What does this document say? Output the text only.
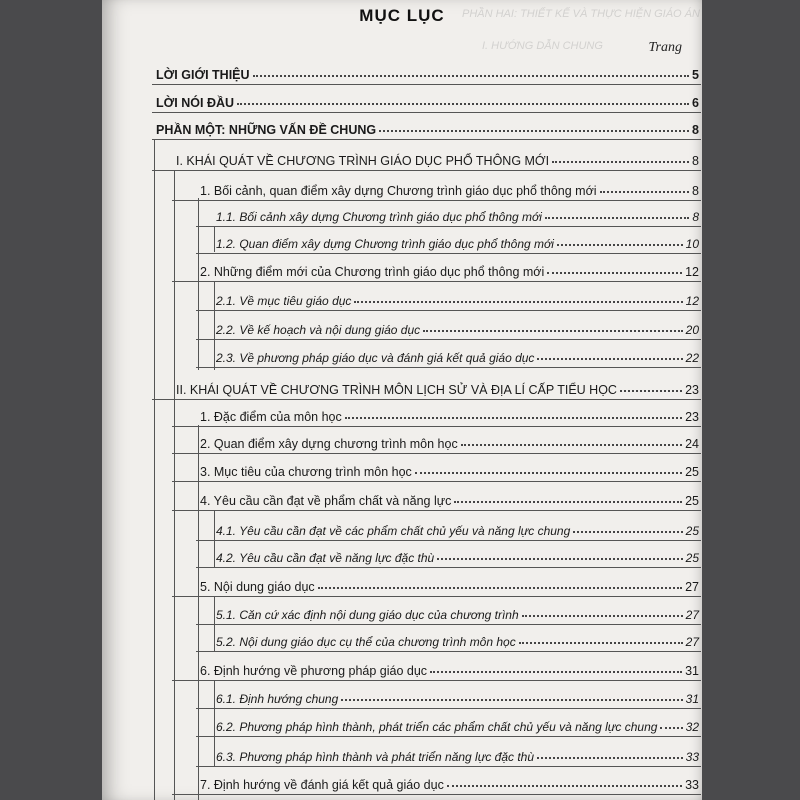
PHẦN HAI: THIẾT KẾ VÀ THỰC HIỆN GIÁO ÁN
I. HƯỚNG DẪN CHUNG
MỤC LỤC
Trang
LỜI GIỚI THIỆU	5
LỜI NÓI ĐẦU	6
PHẦN MỘT: NHỮNG VẤN ĐỀ CHUNG	8
I. KHÁI QUÁT VỀ CHƯƠNG TRÌNH GIÁO DỤC PHỔ THÔNG MỚI	8
1. Bối cảnh, quan điểm xây dựng Chương trình giáo dục phổ thông mới	8
1.1. Bối cảnh xây dựng Chương trình giáo dục phổ thông mới	8
1.2. Quan điểm xây dựng Chương trình giáo dục phổ thông mới	10
2. Những điểm mới của Chương trình giáo dục phổ thông mới	12
2.1. Về mục tiêu giáo dục	12
2.2. Về kế hoạch và nội dung giáo dục	20
2.3. Về phương pháp giáo dục và đánh giá kết quả giáo dục	22
II. KHÁI QUÁT VỀ CHƯƠNG TRÌNH MÔN LỊCH SỬ VÀ ĐỊA LÍ CẤP TIỂU HỌC	23
1. Đặc điểm của môn học	23
2. Quan điểm xây dựng chương trình môn học	24
3. Mục tiêu của chương trình môn học	25
4. Yêu cầu cần đạt về phẩm chất và năng lực	25
4.1. Yêu cầu cần đạt về các phẩm chất chủ yếu và năng lực chung	25
4.2. Yêu cầu cần đạt về năng lực đặc thù	25
5. Nội dung giáo dục	27
5.1. Căn cứ xác định nội dung giáo dục của chương trình	27
5.2. Nội dung giáo dục cụ thể của chương trình môn học	27
6. Định hướng về phương pháp giáo dục	31
6.1. Định hướng chung	31
6.2. Phương pháp hình thành, phát triển các phẩm chất chủ yếu và năng lực chung 32
6.3. Phương pháp hình thành và phát triển năng lực đặc thù	33
7. Định hướng về đánh giá kết quả giáo dục	33
